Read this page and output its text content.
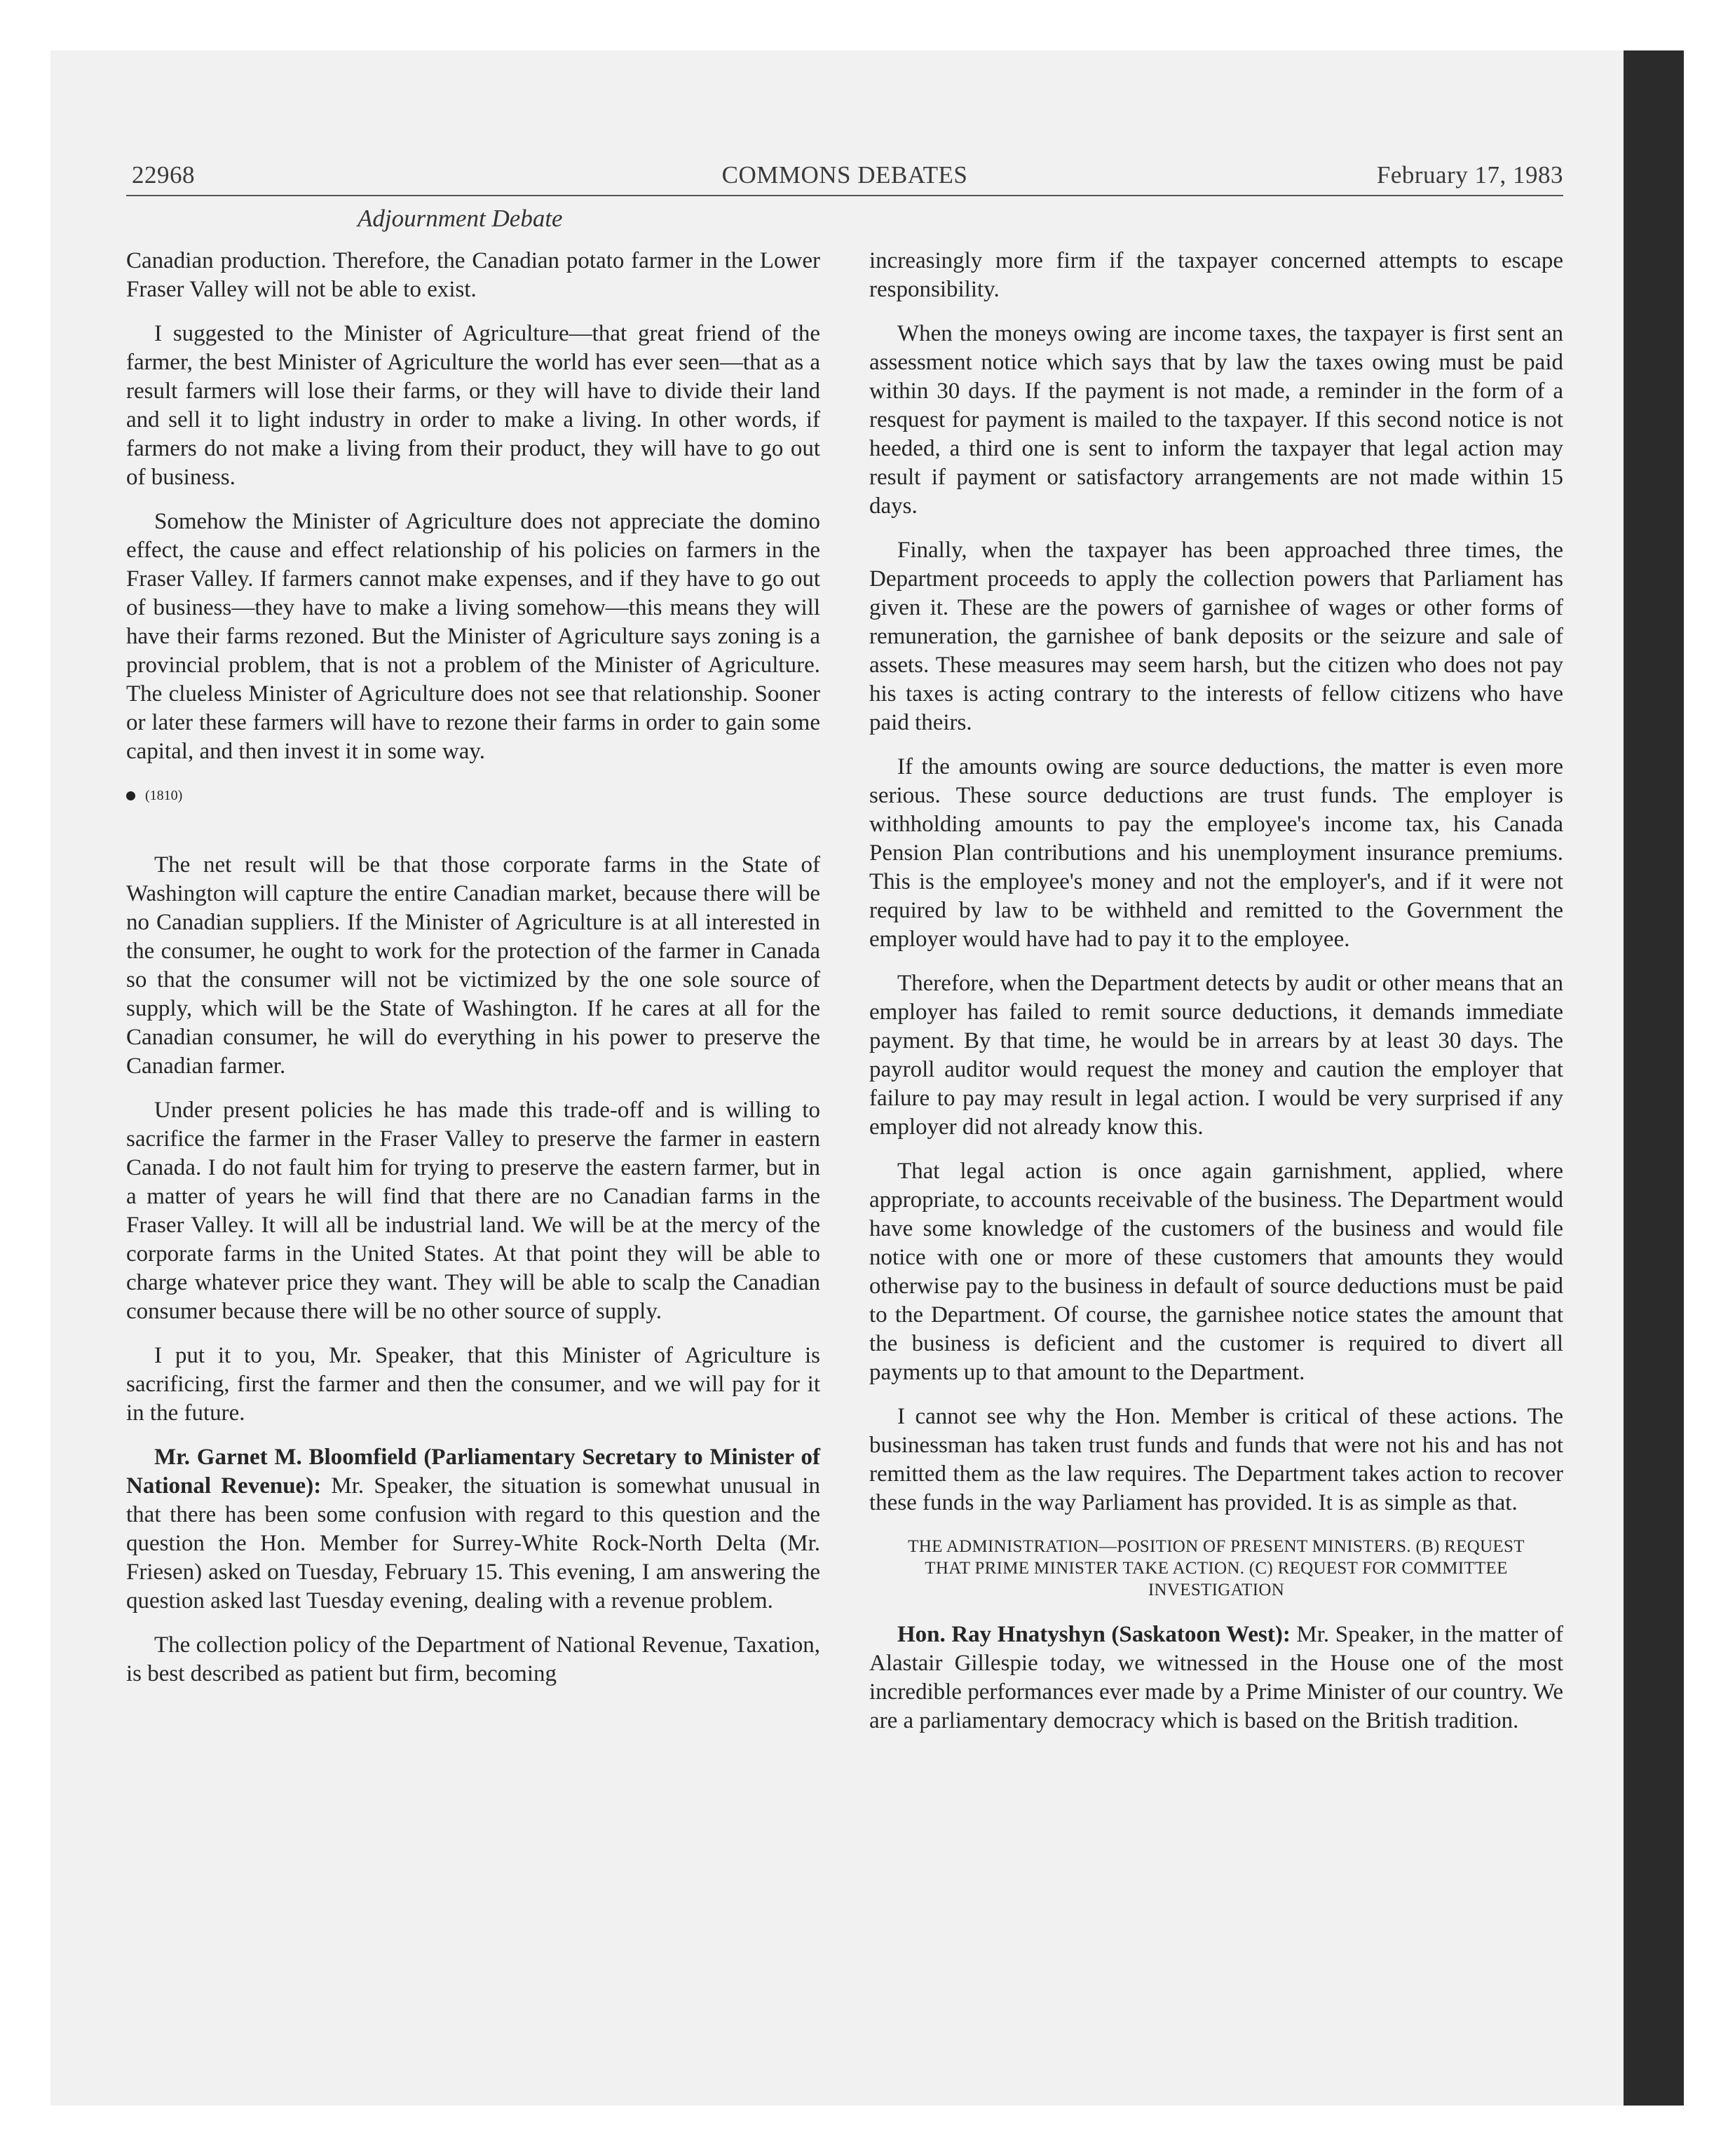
22968	COMMONS DEBATES	February 17, 1983
Adjournment Debate

Canadian production. Therefore, the Canadian potato farmer in the Lower Fraser Valley will not be able to exist.

I suggested to the Minister of Agriculture—that great friend of the farmer, the best Minister of Agriculture the world has ever seen—that as a result farmers will lose their farms, or they will have to divide their land and sell it to light industry in order to make a living. In other words, if farmers do not make a living from their product, they will have to go out of business.

Somehow the Minister of Agriculture does not appreciate the domino effect, the cause and effect relationship of his policies on farmers in the Fraser Valley. If farmers cannot make expenses, and if they have to go out of business—they have to make a living somehow—this means they will have their farms rezoned. But the Minister of Agriculture says zoning is a provincial problem, that is not a problem of the Minister of Agriculture. The clueless Minister of Agriculture does not see that relationship. Sooner or later these farmers will have to rezone their farms in order to gain some capital, and then invest it in some way.

(1810)

The net result will be that those corporate farms in the State of Washington will capture the entire Canadian market, because there will be no Canadian suppliers. If the Minister of Agriculture is at all interested in the consumer, he ought to work for the protection of the farmer in Canada so that the consumer will not be victimized by the one sole source of supply, which will be the State of Washington. If he cares at all for the Canadian consumer, he will do everything in his power to preserve the Canadian farmer.

Under present policies he has made this trade-off and is willing to sacrifice the farmer in the Fraser Valley to preserve the farmer in eastern Canada. I do not fault him for trying to preserve the eastern farmer, but in a matter of years he will find that there are no Canadian farms in the Fraser Valley. It will all be industrial land. We will be at the mercy of the corporate farms in the United States. At that point they will be able to charge whatever price they want. They will be able to scalp the Canadian consumer because there will be no other source of supply.

I put it to you, Mr. Speaker, that this Minister of Agriculture is sacrificing, first the farmer and then the consumer, and we will pay for it in the future.

Mr. Garnet M. Bloomfield (Parliamentary Secretary to Minister of National Revenue): Mr. Speaker, the situation is somewhat unusual in that there has been some confusion with regard to this question and the question the Hon. Member for Surrey-White Rock-North Delta (Mr. Friesen) asked on Tuesday, February 15. This evening, I am answering the question asked last Tuesday evening, dealing with a revenue problem.

The collection policy of the Department of National Revenue, Taxation, is best described as patient but firm, becoming

increasingly more firm if the taxpayer concerned attempts to escape responsibility.

When the moneys owing are income taxes, the taxpayer is first sent an assessment notice which says that by law the taxes owing must be paid within 30 days. If the payment is not made, a reminder in the form of a resquest for payment is mailed to the taxpayer. If this second notice is not heeded, a third one is sent to inform the taxpayer that legal action may result if payment or satisfactory arrangements are not made within 15 days.

Finally, when the taxpayer has been approached three times, the Department proceeds to apply the collection powers that Parliament has given it. These are the powers of garnishee of wages or other forms of remuneration, the garnishee of bank deposits or the seizure and sale of assets. These measures may seem harsh, but the citizen who does not pay his taxes is acting contrary to the interests of fellow citizens who have paid theirs.

If the amounts owing are source deductions, the matter is even more serious. These source deductions are trust funds. The employer is withholding amounts to pay the employee's income tax, his Canada Pension Plan contributions and his unemployment insurance premiums. This is the employee's money and not the employer's, and if it were not required by law to be withheld and remitted to the Government the employer would have had to pay it to the employee.

Therefore, when the Department detects by audit or other means that an employer has failed to remit source deductions, it demands immediate payment. By that time, he would be in arrears by at least 30 days. The payroll auditor would request the money and caution the employer that failure to pay may result in legal action. I would be very surprised if any employer did not already know this.

That legal action is once again garnishment, applied, where appropriate, to accounts receivable of the business. The Department would have some knowledge of the customers of the business and would file notice with one or more of these customers that amounts they would otherwise pay to the business in default of source deductions must be paid to the Department. Of course, the garnishee notice states the amount that the business is deficient and the customer is required to divert all payments up to that amount to the Department.

I cannot see why the Hon. Member is critical of these actions. The businessman has taken trust funds and funds that were not his and has not remitted them as the law requires. The Department takes action to recover these funds in the way Parliament has provided. It is as simple as that.

THE ADMINISTRATION—POSITION OF PRESENT MINISTERS. (B) REQUEST THAT PRIME MINISTER TAKE ACTION. (C) REQUEST FOR COMMITTEE INVESTIGATION

Hon. Ray Hnatyshyn (Saskatoon West): Mr. Speaker, in the matter of Alastair Gillespie today, we witnessed in the House one of the most incredible performances ever made by a Prime Minister of our country. We are a parliamentary democracy which is based on the British tradition.
